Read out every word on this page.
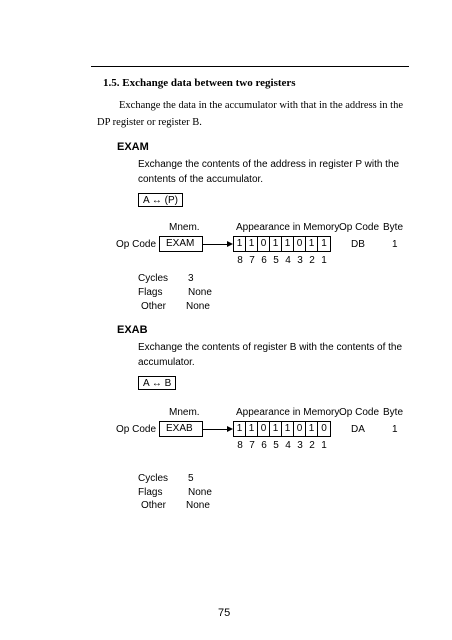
1.5. Exchange data between two registers
Exchange the data in the accumulator with that in the address in the
DP register or register B.
EXAM
Exchange the contents of the address in register P with the
contents of the accumulator.
A ↔ (P)
Mnem.	Appearance in Memory Op Code Byte
Op Code EXAM	1 1 0 1 1 0 1 1	DB	1
8 7 6 5 4 3 2 1
Cycles 3
Flags	None
Other None
EXAB
Exchange the contents of register B with the contents of the
accumulator.
A ↔ B
Mnem.	Appearance in Memory Op Code Byte
Op Code EXAB	1 1 0 1 1 0 1 0	DA	1
8 7 6 5 4 3 2 1
Cycles 5
Flags	None
Other None
75
